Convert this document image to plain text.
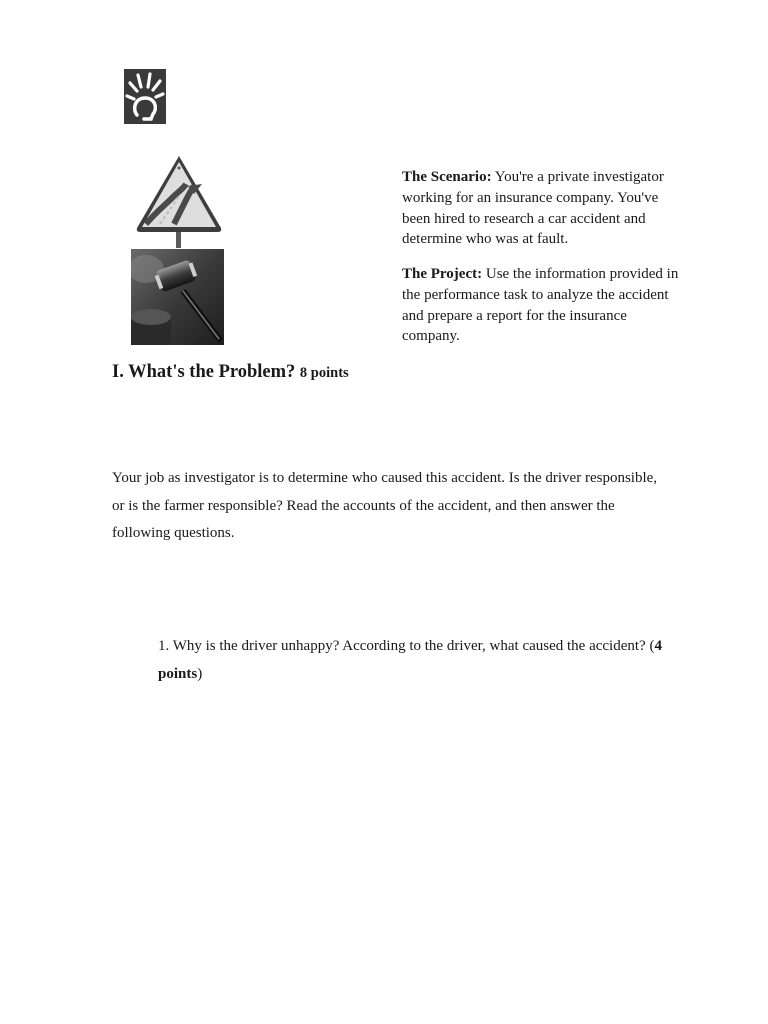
The Scenario: You're a private investigator working for an insurance company. You've been hired to research a car accident and determine who was at fault.

The Project: Use the information provided in the performance task to analyze the accident and prepare a report for the insurance company.

I. What's the Problem? 8 points

Your job as investigator is to determine who caused this accident. Is the driver responsible, or is the farmer responsible? Read the accounts of the accident, and then answer the following questions.

1. Why is the driver unhappy? According to the driver, what caused the accident? (4 points)
